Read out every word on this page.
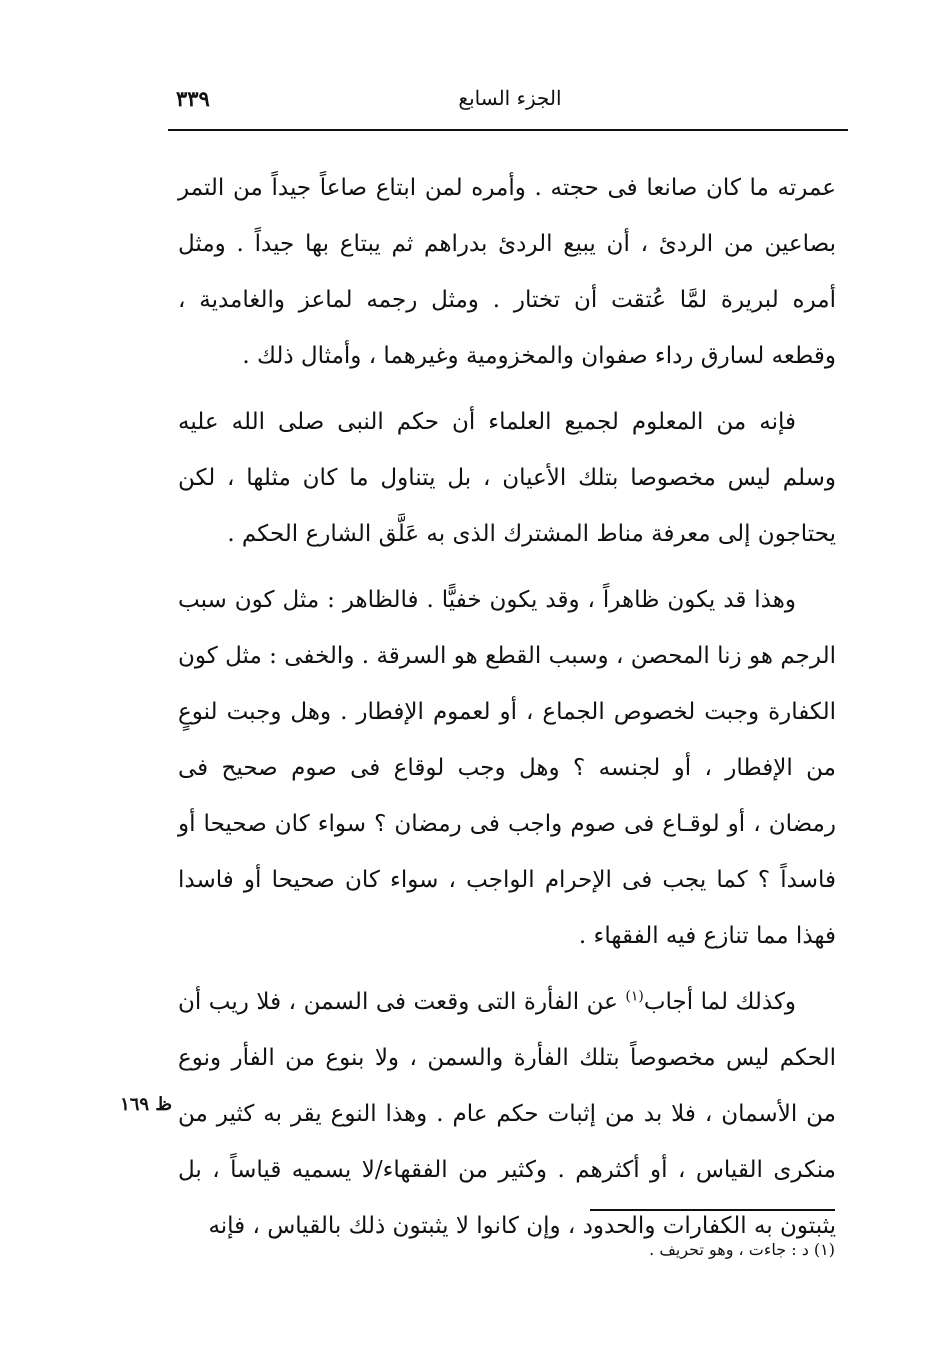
الجزء السابع
٣٣٩

عمرته ما كان صانعا فى حجته . وأمره لمن ابتاع صاعاً جيداً من التمر بصاعين من الردئ ، أن يبيع الردئ بدراهم ثم يبتاع بها جيداً . ومثل أمره لبريرة لمَّا عُتقت أن تختار . ومثل رجمه لماعز والغامدية ، وقطعه لسارق رداء صفوان والمخزومية وغيرهما ، وأمثال ذلك .

فإنه من المعلوم لجميع العلماء أن حكم النبى صلى الله عليه وسلم ليس مخصوصا بتلك الأعيان ، بل يتناول ما كان مثلها ، لكن يحتاجون إلى معرفة مناط المشترك الذى به عَلَّق الشارع الحكم .

وهذا قد يكون ظاهراً ، وقد يكون خفيًّا . فالظاهر : مثل كون سبب الرجم هو زنا المحصن ، وسبب القطع هو السرقة . والخفى : مثل كون الكفارة وجبت لخصوص الجماع ، أو لعموم الإفطار . وهل وجبت لنوعٍ من الإفطار ، أو لجنسه ؟ وهل وجب لوقاع فى صوم صحيح فى رمضان ، أو لوقـاع فى صوم واجب فى رمضان ؟ سواء كان صحيحا أو فاسداً ؟ كما يجب فى الإحرام الواجب ، سواء كان صحيحا أو فاسدا فهذا مما تنازع فيه الفقهاء .

وكذلك لما أجاب$^{(١)}$ عن الفأرة التى وقعت فى السمن ، فلا ريب أن الحكم ليس مخصوصاً بتلك الفأرة والسمن ، ولا بنوع من الفأر ونوع من الأسمان ، فلا بد من إثبات حكم عام . وهذا النوع يقر به كثير من منكرى القياس ، أو أكثرهم . وكثير من الفقهاء/لا يسميه قياساً ، بل يثبتون به الكفارات والحدود ، وإن كانوا لا يثبتون ذلك بالقياس ، فإنه

ظ ١٦٩
(١) د : جاءت ، وهو تحريف .
